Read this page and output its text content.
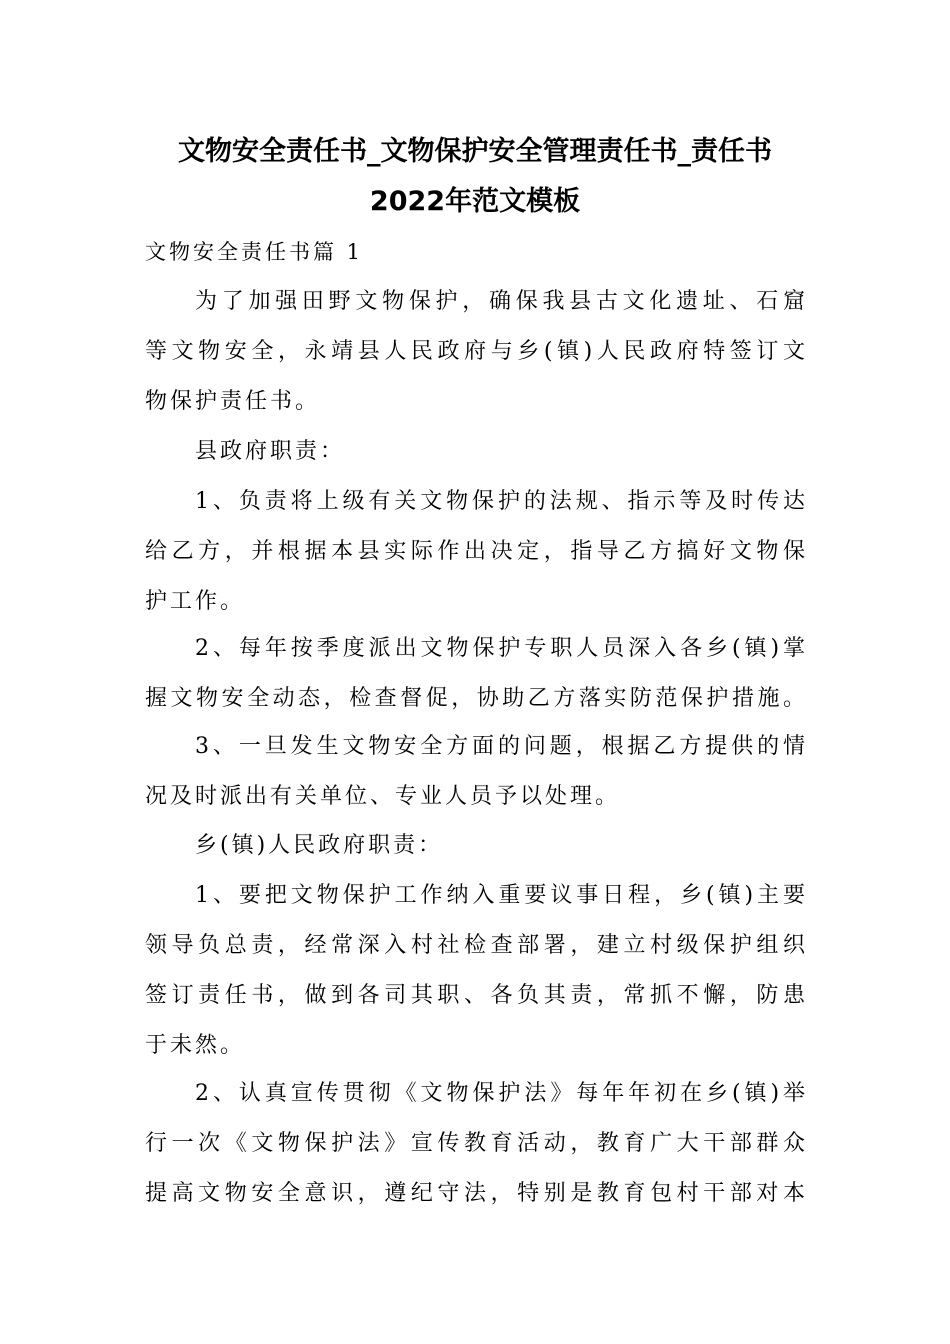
文物安全责任书_文物保护安全管理责任书_责任书
2022年范文模板
文物安全责任书篇 1
为了加强田野文物保护，确保我县古文化遗址、石窟
等文物安全，永靖县人民政府与乡(镇)人民政府特签订文
物保护责任书。
县政府职责：
1、负责将上级有关文物保护的法规、指示等及时传达
给乙方，并根据本县实际作出决定，指导乙方搞好文物保
护工作。
2、每年按季度派出文物保护专职人员深入各乡(镇)掌
握文物安全动态，检查督促，协助乙方落实防范保护措施。
3、一旦发生文物安全方面的问题，根据乙方提供的情
况及时派出有关单位、专业人员予以处理。
乡(镇)人民政府职责：
1、要把文物保护工作纳入重要议事日程，乡(镇)主要
领导负总责，经常深入村社检查部署，建立村级保护组织
签订责任书，做到各司其职、各负其责，常抓不懈，防患
于未然。
2、认真宣传贯彻《文物保护法》每年年初在乡(镇)举
行一次《文物保护法》宣传教育活动，教育广大干部群众
提高文物安全意识，遵纪守法，特别是教育包村干部对本
